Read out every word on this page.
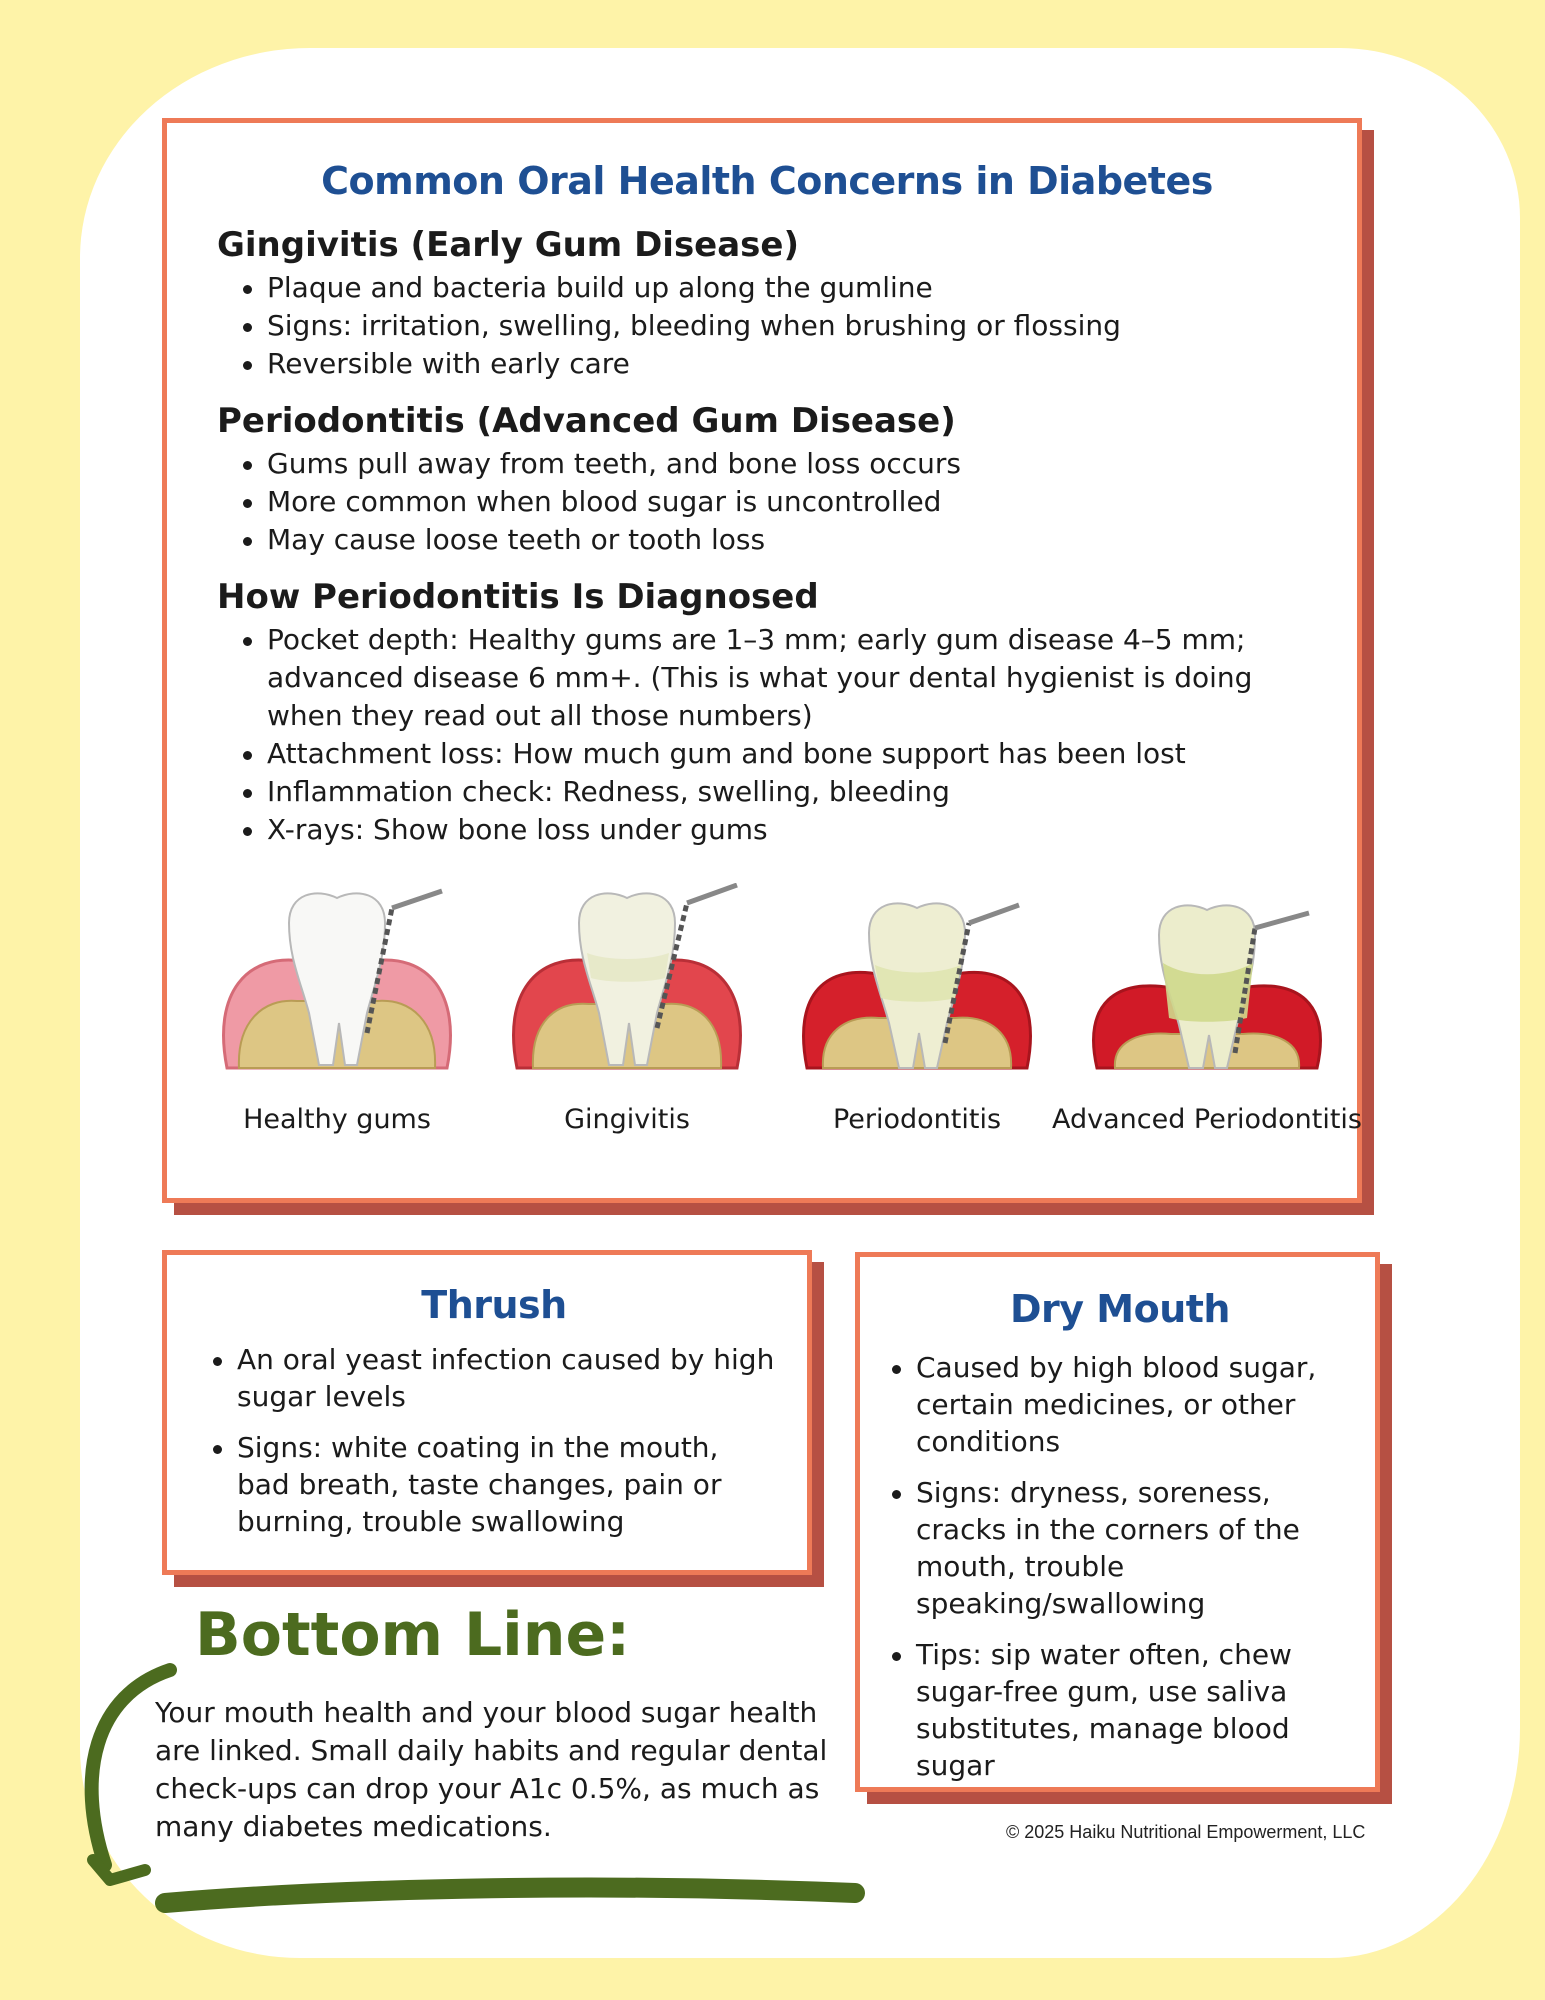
Common Oral Health Concerns in Diabetes
Gingivitis (Early Gum Disease)
Plaque and bacteria build up along the gumline
Signs: irritation, swelling, bleeding when brushing or flossing
Reversible with early care
Periodontitis (Advanced Gum Disease)
Gums pull away from teeth, and bone loss occurs
More common when blood sugar is uncontrolled
May cause loose teeth or tooth loss
How Periodontitis Is Diagnosed
Pocket depth: Healthy gums are 1–3 mm; early gum disease 4–5 mm; advanced disease 6 mm+. (This is what your dental hygienist is doing when they read out all those numbers)
Attachment loss: How much gum and bone support has been lost
Inflammation check: Redness, swelling, bleeding
X-rays: Show bone loss under gums
Healthy gums	Gingivitis	Periodontitis	Advanced Periodontitis
Thrush
An oral yeast infection caused by high sugar levels
Signs: white coating in the mouth, bad breath, taste changes, pain or burning, trouble swallowing
Dry Mouth
Caused by high blood sugar, certain medicines, or other conditions
Signs: dryness, soreness, cracks in the corners of the mouth, trouble speaking/swallowing
Tips: sip water often, chew sugar-free gum, use saliva substitutes, manage blood sugar
Bottom Line:

Your mouth health and your blood sugar health are linked. Small daily habits and regular dental check-ups can drop your A1c 0.5%, as much as many diabetes medications.	© 2025 Haiku Nutritional Empowerment, LLC
